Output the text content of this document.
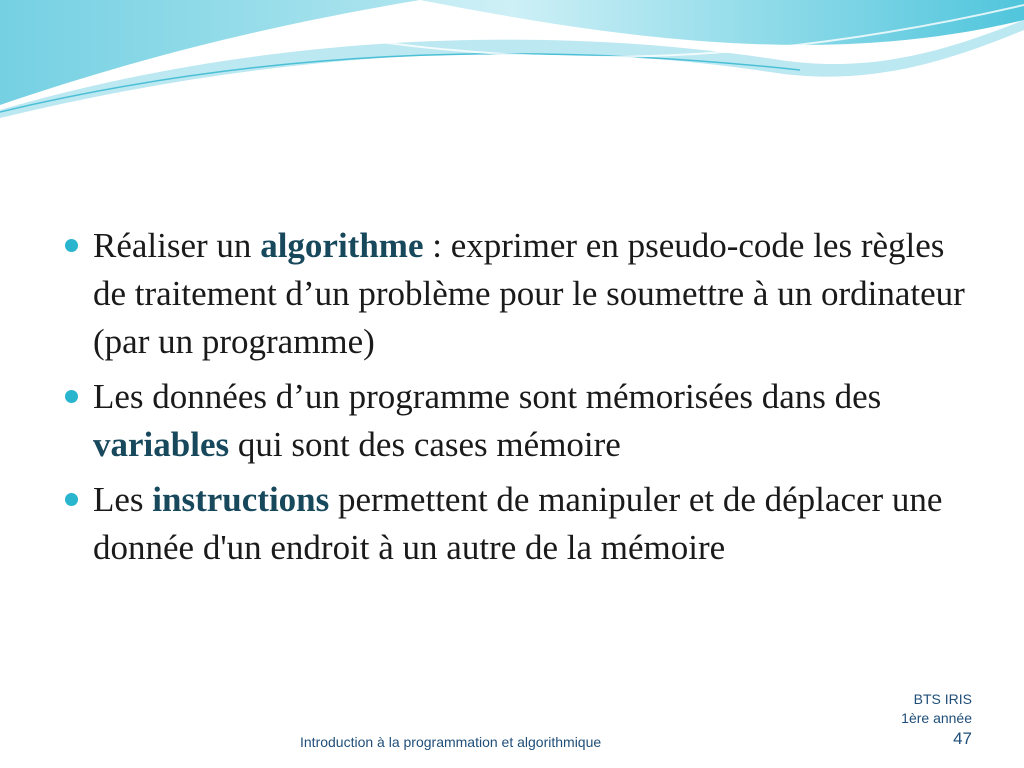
Réaliser un algorithme : exprimer en pseudo-code les règles de traitement d’un problème pour le soumettre à un ordinateur (par un programme)
Les données d’un programme sont mémorisées dans des variables qui sont des cases mémoire
Les instructions permettent de manipuler et de déplacer une donnée d'un endroit à un autre de la mémoire
Introduction à la programmation et algorithmique
BTS IRIS
1ère année
47
